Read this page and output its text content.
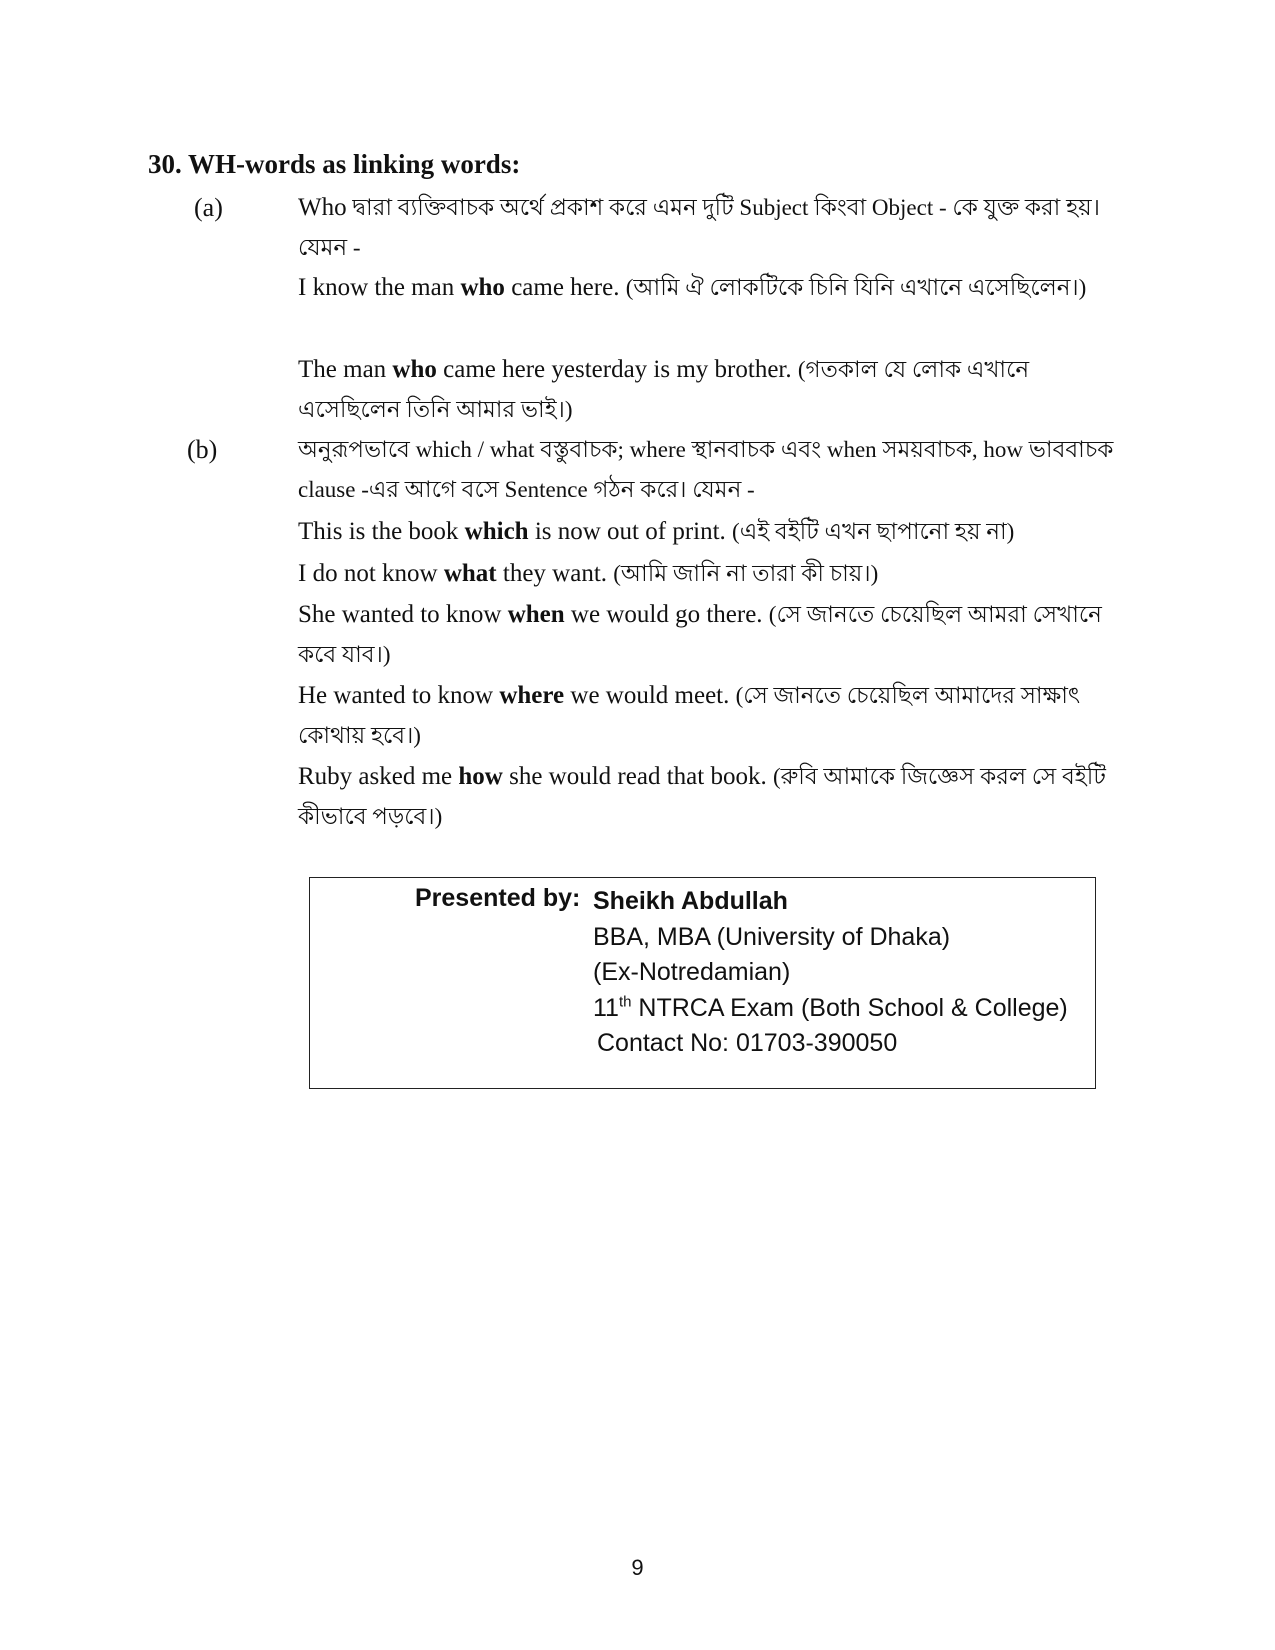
30. WH-words as linking words:
(a)	Who দ্বারা ব্যক্তিবাচক অর্থে প্রকাশ করে এমন দুটি Subject কিংবা Object - কে যুক্ত করা হয়। যেমন -

I know the man who came here. (আমি ঐ লোকটিকে চিনি যিনি এখানে এসেছিলেন।)

The man who came here yesterday is my brother. (গতকাল যে লোক এখানে এসেছিলেন তিনি আমার ভাই।)

(b)	অনুরূপভাবে which / what বস্তুবাচক; where স্থানবাচক এবং when সময়বাচক, how ভাববাচক clause -এর আগে বসে Sentence গঠন করে। যেমন -

This is the book which is now out of print. (এই বইটি এখন ছাপানো হয় না)

I do not know what they want. (আমি জানি না তারা কী চায়।)

She wanted to know when we would go there. (সে জানতে চেয়েছিল আমরা সেখানে কবে যাব।)

He wanted to know where we would meet. (সে জানতে চেয়েছিল আমাদের সাক্ষাৎ কোথায় হবে।)

Ruby asked me how she would read that book. (রুবি আমাকে জিজ্ঞেস করল সে বইটি কীভাবে পড়বে।)

Presented by: Sheikh Abdullah
BBA, MBA (University of Dhaka)
(Ex-Notredamian)
11th NTRCA Exam (Both School & College)
Contact No: 01703-390050
9
